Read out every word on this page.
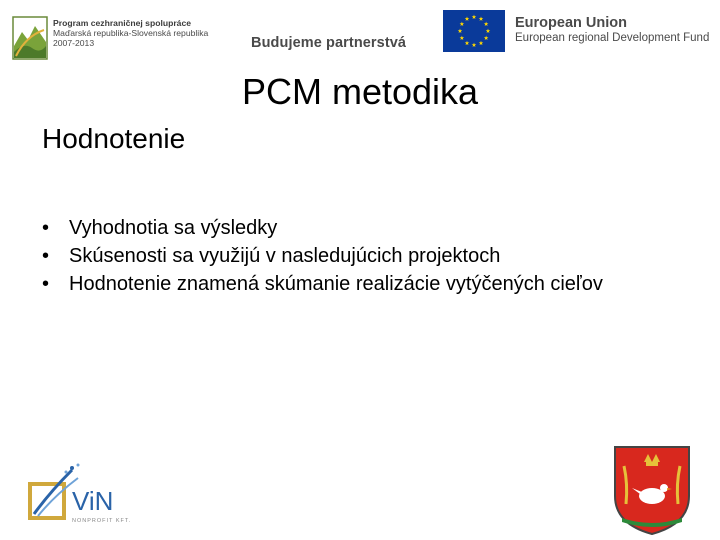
Program cezhraničnej spolupráce
Maďarská republika-Slovenská republika
2007-2013	Budujeme partnerstvá
European Union
European regional Development Fund
PCM metodika
Hodnotenie
• Vyhodnotia sa výsledky
• Skúsenosti sa využijú v nasledujúcich projektoch
• Hodnotenie znamená skúmanie realizácie vytýčených cieľov
ViN
NONPROFIT KFT.
